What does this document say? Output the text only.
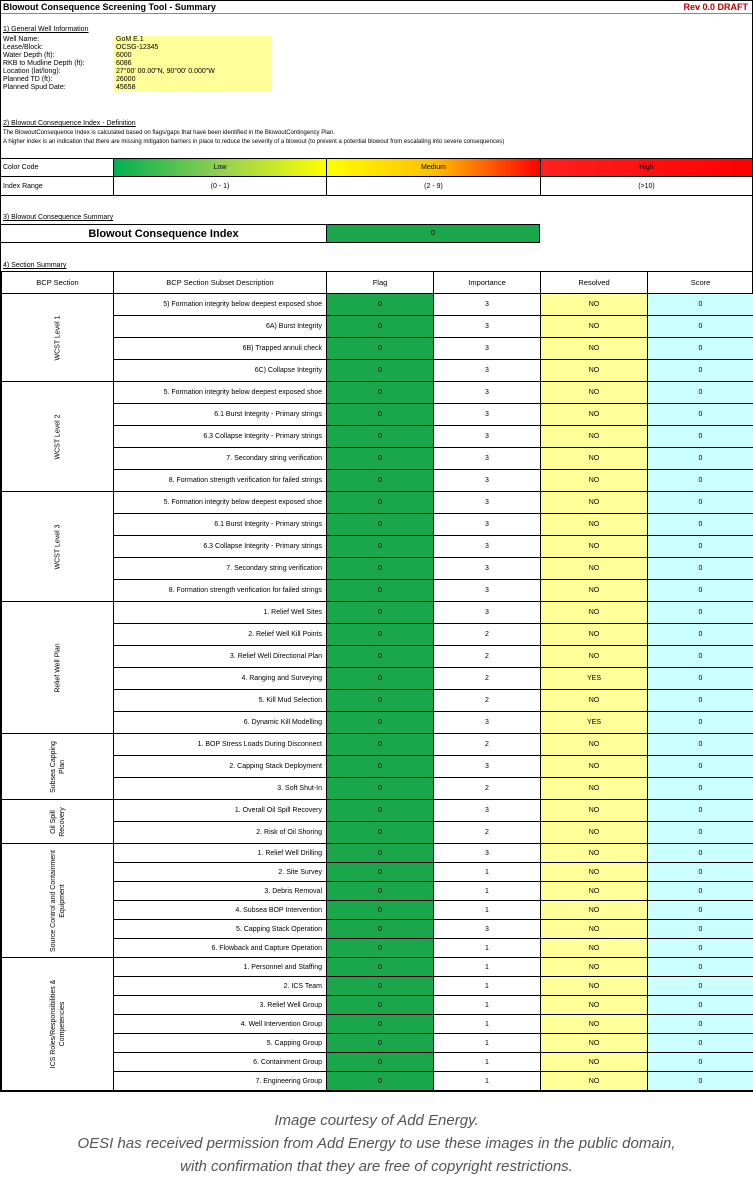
Blowout Consequence Screening Tool - Summary	Rev 0.0 DRAFT
1) General Well Information
Well Name:	GoM E.1
Lease/Block:	OCSG-12345
Water Depth (ft):	6000
RKB to Mudline Depth (ft):	6086
Location (lat/long):	27°00' 00.00"N, 90°00' 0.000"W
Planned TD (ft):	26000
Planned Spud Date:	45658
2) Blowout Consequence Index - Definition
The BlowoutConsequence Index is calculated based on flags/gaps that have been identified in the BlowoutContingency Plan.
A higher index is an indication that there are missing mitigation barriers in place to reduce the severity of a blowout (to prevent a potential blowout from escalating into severe consequences)
Color Code	Low	Medium	High
Index Range	(0 - 1)	(2 - 9)	(>10)
3) Blowout Consequence Summary
Blowout Consequence Index	0
4) Section Summary
BCP Section	BCP Section Subset Description	Flag	Importance	Resolved	Score

WCST Level 1	5) Formation integrity below deepest exposed shoe	0	3	NO	0
	6A) Burst Integrity	0	3	NO	0
	6B) Trapped annuli check	0	3	NO	0
	6C) Collapse Integrity	0	3	NO	0

WCST Level 2	5. Formation integrity below deepest exposed shoe	0	3	NO	0
	6.1 Burst Integrity - Primary strings	0	3	NO	0
	6.3 Collapse Integrity - Primary strings	0	3	NO	0
	7. Secondary string verification	0	3	NO	0
	8. Formation strength verification for failed strings	0	3	NO	0

WCST Level 3	5. Formation integrity below deepest exposed shoe	0	3	NO	0
	6.1 Burst Integrity - Primary strings	0	3	NO	0
	6.3 Collapse Integrity - Primary strings	0	3	NO	0
	7. Secondary string verification	0	3	NO	0
	8. Formation strength verification for failed strings	0	3	NO	0

Relief Well Plan	1. Relief Well Sites	0	3	NO	0
	2. Relief Well Kill Points	0	2	NO	0
	3. Relief Well Directional Plan	0	2	NO	0
	4. Ranging and Surveying	0	2	YES	0
	5. Kill Mud Selection	0	2	NO	0
	6. Dynamic Kill Modelling	0	3	YES	0

Subsea Capping Plan	1. BOP Stress Loads During Disconnect	0	2	NO	0
	2. Capping Stack Deployment	0	3	NO	0
	3. Soft Shut-In	0	2	NO	0

Oil Spill Recovery	1. Overall Oil Spill Recovery	0	3	NO	0
	2. Risk of Oil Shoring	0	2	NO	0

Source Control and Containment Equipment	1. Relief Well Drilling	0	3	NO	0
	2. Site Survey	0	1	NO	0
	3. Debris Removal	0	1	NO	0
	4. Subsea BOP Intervention	0	1	NO	0
	5. Capping Stack Operation	0	3	NO	0
	6. Flowback and Capture Operation	0	1	NO	0

ICS Roles/Responsibilities & Competencies	1. Personnel and Staffing	0	1	NO	0
	2. ICS Team	0	1	NO	0
	3. Relief Well Group	0	1	NO	0
	4. Well Intervention Group	0	1	NO	0
	5. Capping Group	0	1	NO	0
	6. Containment Group	0	1	NO	0
	7. Engineering Group	0	1	NO	0
Image courtesy of Add Energy.
OESI has received permission from Add Energy to use these images in the public domain,
with confirmation that they are free of copyright restrictions.
